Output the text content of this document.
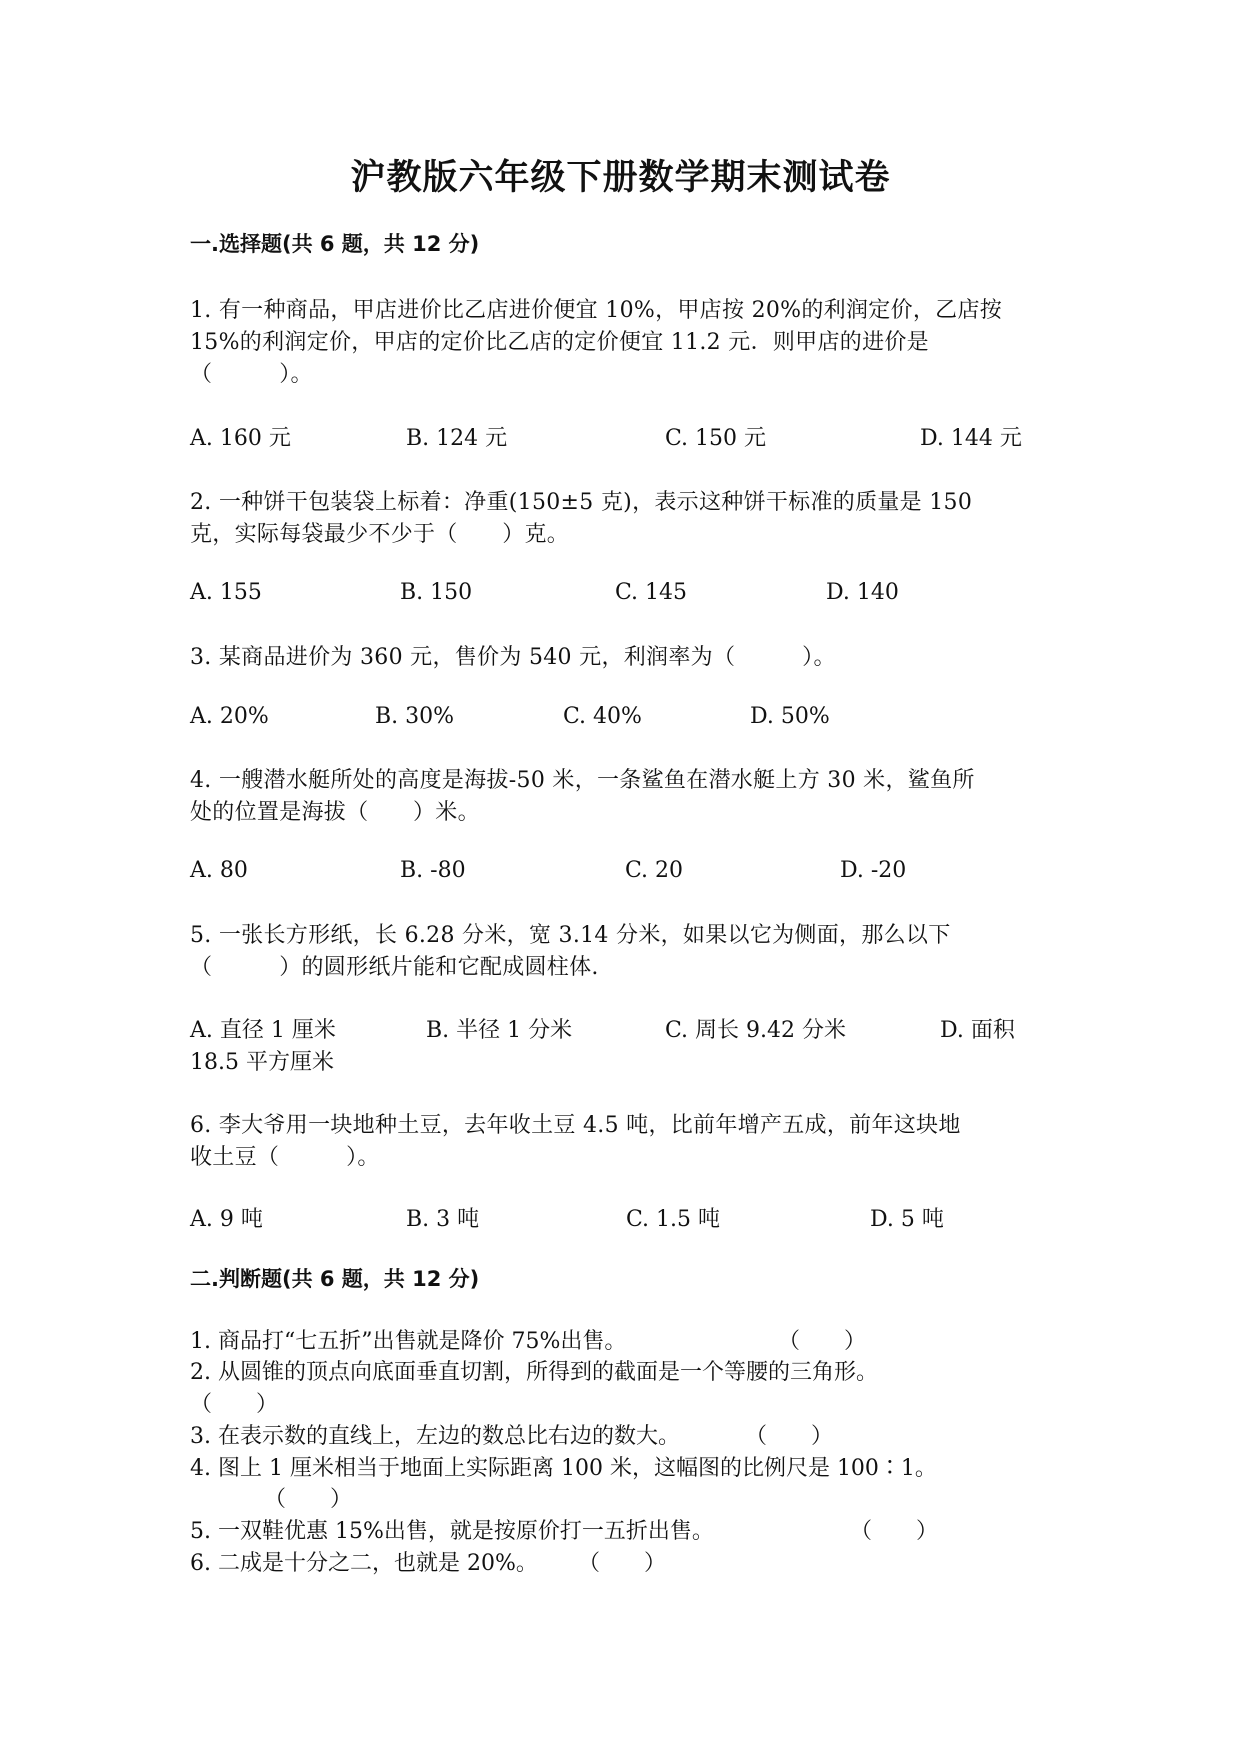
沪教版六年级下册数学期末测试卷
一.选择题(共 6 题，共 12 分)
1. 有一种商品，甲店进价比乙店进价便宜 10%，甲店按 20%的利润定价，乙店按
15%的利润定价，甲店的定价比乙店的定价便宜 11.2 元．则甲店的进价是
（　　　）。
A. 160 元	B. 124 元	C. 150 元	D. 144 元
2. 一种饼干包装袋上标着：净重(150±5 克)，表示这种饼干标准的质量是 150
克，实际每袋最少不少于（　　）克。
A. 155	B. 150	C. 145	D. 140
3. 某商品进价为 360 元，售价为 540 元，利润率为（　　　）。
A. 20%	B. 30%	C. 40%	D. 50%
4. 一艘潜水艇所处的高度是海拔-50 米，一条鲨鱼在潜水艇上方 30 米，鲨鱼所
处的位置是海拔（　　）米。
A. 80	B. -80	C. 20	D. -20
5. 一张长方形纸，长 6.28 分米，宽 3.14 分米，如果以它为侧面，那么以下
（　　　）的圆形纸片能和它配成圆柱体.
A. 直径 1 厘米	B. 半径 1 分米	C. 周长 9.42 分米	D. 面积
18.5 平方厘米
6. 李大爷用一块地种土豆，去年收土豆 4.5 吨，比前年增产五成，前年这块地
收土豆（　　　）。
A. 9 吨	B. 3 吨	C. 1.5 吨	D. 5 吨
二.判断题(共 6 题，共 12 分)
1. 商品打“七五折”出售就是降价 75%出售。	（　　）
2. 从圆锥的顶点向底面垂直切割，所得到的截面是一个等腰的三角形。
（　　）
3. 在表示数的直线上，左边的数总比右边的数大。	（　　）
4. 图上 1 厘米相当于地面上实际距离 100 米，这幅图的比例尺是 100∶1。
（　　）
5. 一双鞋优惠 15%出售，就是按原价打一五折出售。	（　　）
6. 二成是十分之二，也就是 20%。 （　　）
